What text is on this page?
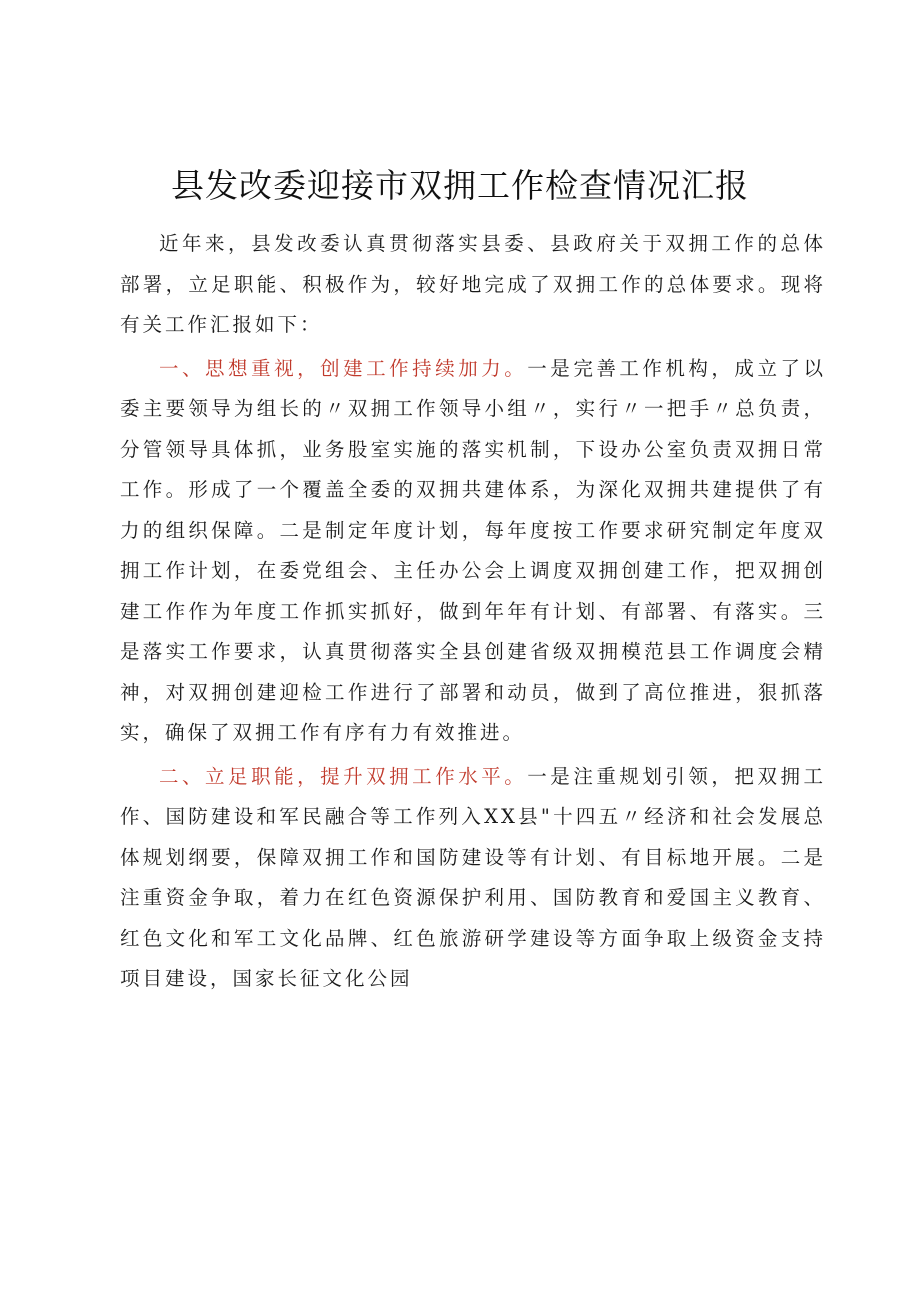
县发改委迎接市双拥工作检查情况汇报

近年来，县发改委认真贯彻落实县委、县政府关于双拥工作的总体部署，立足职能、积极作为，较好地完成了双拥工作的总体要求。现将有关工作汇报如下：

一、思想重视，创建工作持续加力。一是完善工作机构，成立了以委主要领导为组长的〃双拥工作领导小组〃，实行〃一把手〃总负责，分管领导具体抓，业务股室实施的落实机制，下设办公室负责双拥日常工作。形成了一个覆盖全委的双拥共建体系，为深化双拥共建提供了有力的组织保障。二是制定年度计划，每年度按工作要求研究制定年度双拥工作计划，在委党组会、主任办公会上调度双拥创建工作，把双拥创建工作作为年度工作抓实抓好，做到年年有计划、有部署、有落实。三是落实工作要求，认真贯彻落实全县创建省级双拥模范县工作调度会精神，对双拥创建迎检工作进行了部署和动员，做到了高位推进，狠抓落实，确保了双拥工作有序有力有效推进。

二、立足职能，提升双拥工作水平。一是注重规划引领，把双拥工作、国防建设和军民融合等工作列入XX县"十四五〃经济和社会发展总体规划纲要，保障双拥工作和国防建设等有计划、有目标地开展。二是注重资金争取，着力在红色资源保护利用、国防教育和爱国主义教育、红色文化和军工文化品牌、红色旅游研学建设等方面争取上级资金支持项目建设，国家长征文化公园
